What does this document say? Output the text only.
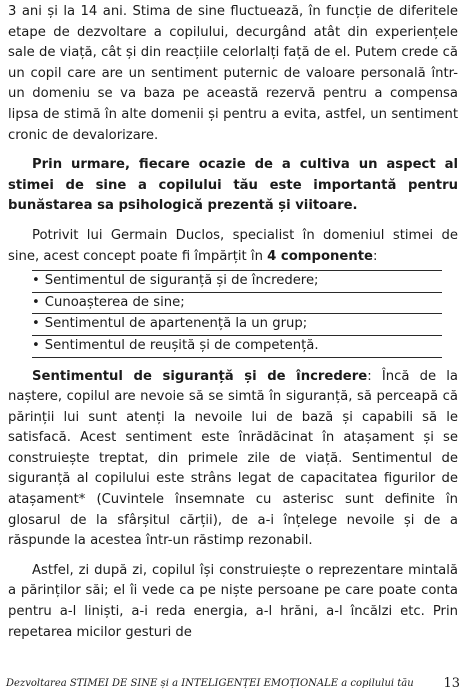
3 ani și la 14 ani. Stima de sine fluctuează, în funcție de diferitele etape de dezvoltare a copilului, decurgând atât din experiențele sale de viață, cât și din reacțiile celorlalți față de el. Putem crede că un copil care are un sentiment puternic de valoare personală într-un domeniu se va baza pe această rezervă pentru a compensa lipsa de stimă în alte domenii și pentru a evita, astfel, un sentiment cronic de devalorizare.

Prin urmare, fiecare ocazie de a cultiva un aspect al stimei de sine a copilului tău este importantă pentru bunăstarea sa psihologică prezentă și viitoare.

Potrivit lui Germain Duclos, specialist în domeniul stimei de sine, acest concept poate fi împărțit în 4 componente:

• Sentimentul de siguranță și de încredere;
• Cunoașterea de sine;
• Sentimentul de apartenență la un grup;
• Sentimentul de reușită și de competență.

Sentimentul de siguranță și de încredere: Încă de la naștere, copilul are nevoie să se simtă în siguranță, să perceapă că părinții lui sunt atenți la nevoile lui de bază și capabili să le satisfacă. Acest sentiment este înrădăcinat în atașament și se construiește treptat, din primele zile de viață. Sentimentul de siguranță al copilului este strâns legat de capacitatea figurilor de atașament* (Cuvintele însemnate cu asterisc sunt definite în glosarul de la sfârșitul cărții), de a-i înțelege nevoile și de a răspunde la acestea într-un răstimp rezonabil.

Astfel, zi după zi, copilul își construiește o reprezentare mintală a părinților săi; el îi vede ca pe niște persoane pe care poate conta pentru a-l liniști, a-i reda energia, a-l hrăni, a-l încălzi etc. Prin repetarea micilor gesturi de

Dezvoltarea STIMEI DE SINE și a INTELIGENȚEI EMOȚIONALE a copilului tău 13
